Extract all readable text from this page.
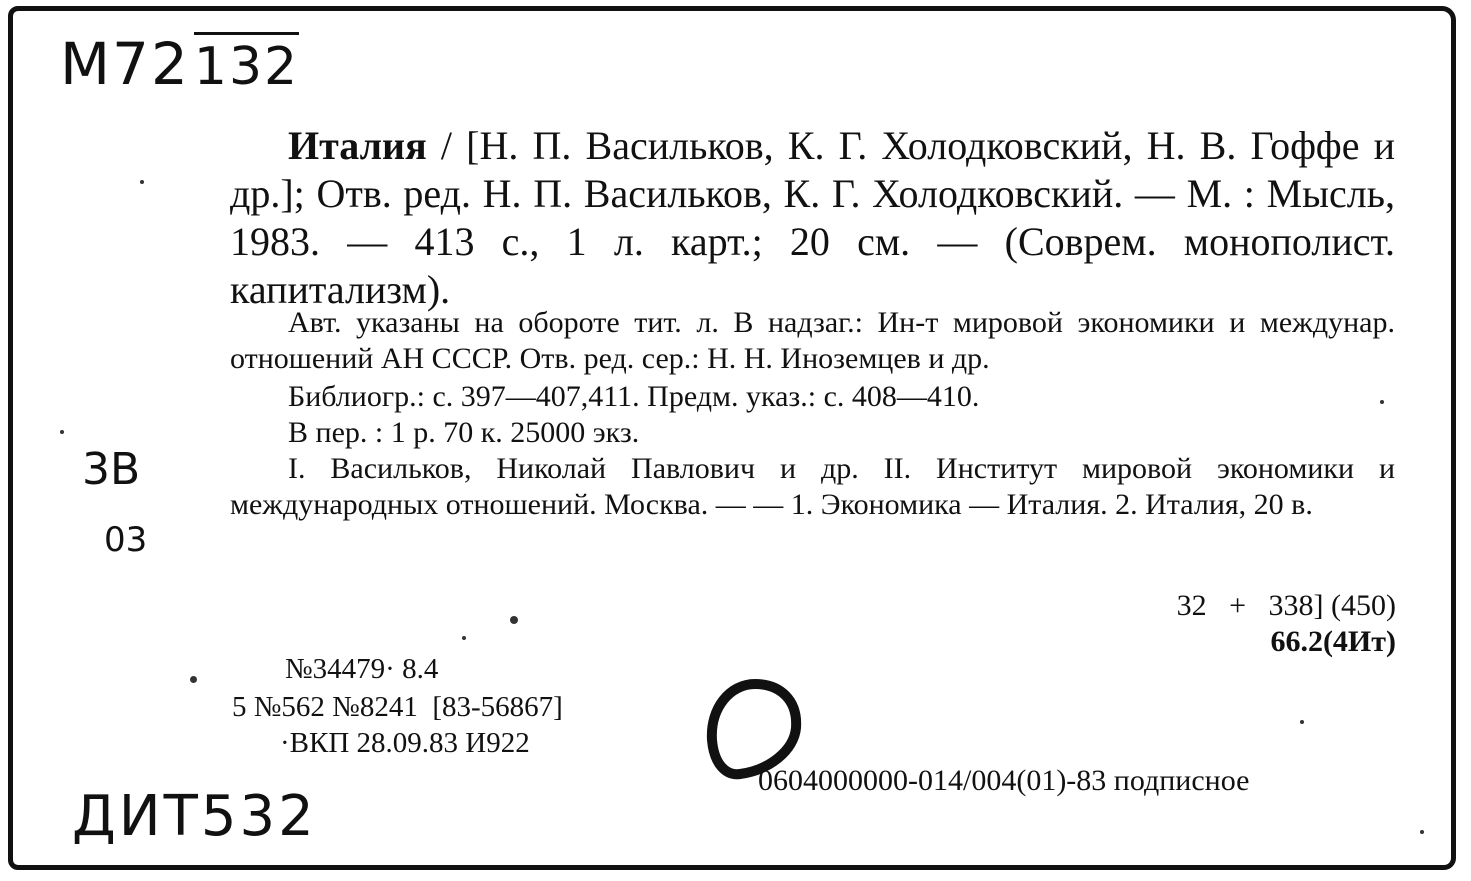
М72132
3В
03
ДИТ532

Италия / [Н. П. Васильков, К. Г. Холодковский, Н. В. Гоффе и др.]; Отв. ред. Н. П. Васильков, К. Г. Холодковский. — М. : Мысль, 1983. — 413 с., 1 л. карт.; 20 см. — (Соврем. монополист. капитализм).

Авт. указаны на обороте тит. л. В надзаг.: Ин-т мировой экономики и междунар. отношений АН СССР. Отв. ред. сер.: Н. Н. Иноземцев и др.

Библиогр.: с. 397—407,411. Предм. указ.: с. 408—410.

В пер. : 1 р. 70 к. 25000 экз.

I. Васильков, Николай Павлович и др. II. Институт мировой экономики и международных отношений. Москва. — — 1. Экономика — Италия. 2. Италия, 20 в.

32   +   338] (450)
66.2(4Ит)
№34479· 8.4
5 №562 №8241  [83-56867]
·ВКП 28.09.83 И922
0604000000-014/004(01)-83 подписное
